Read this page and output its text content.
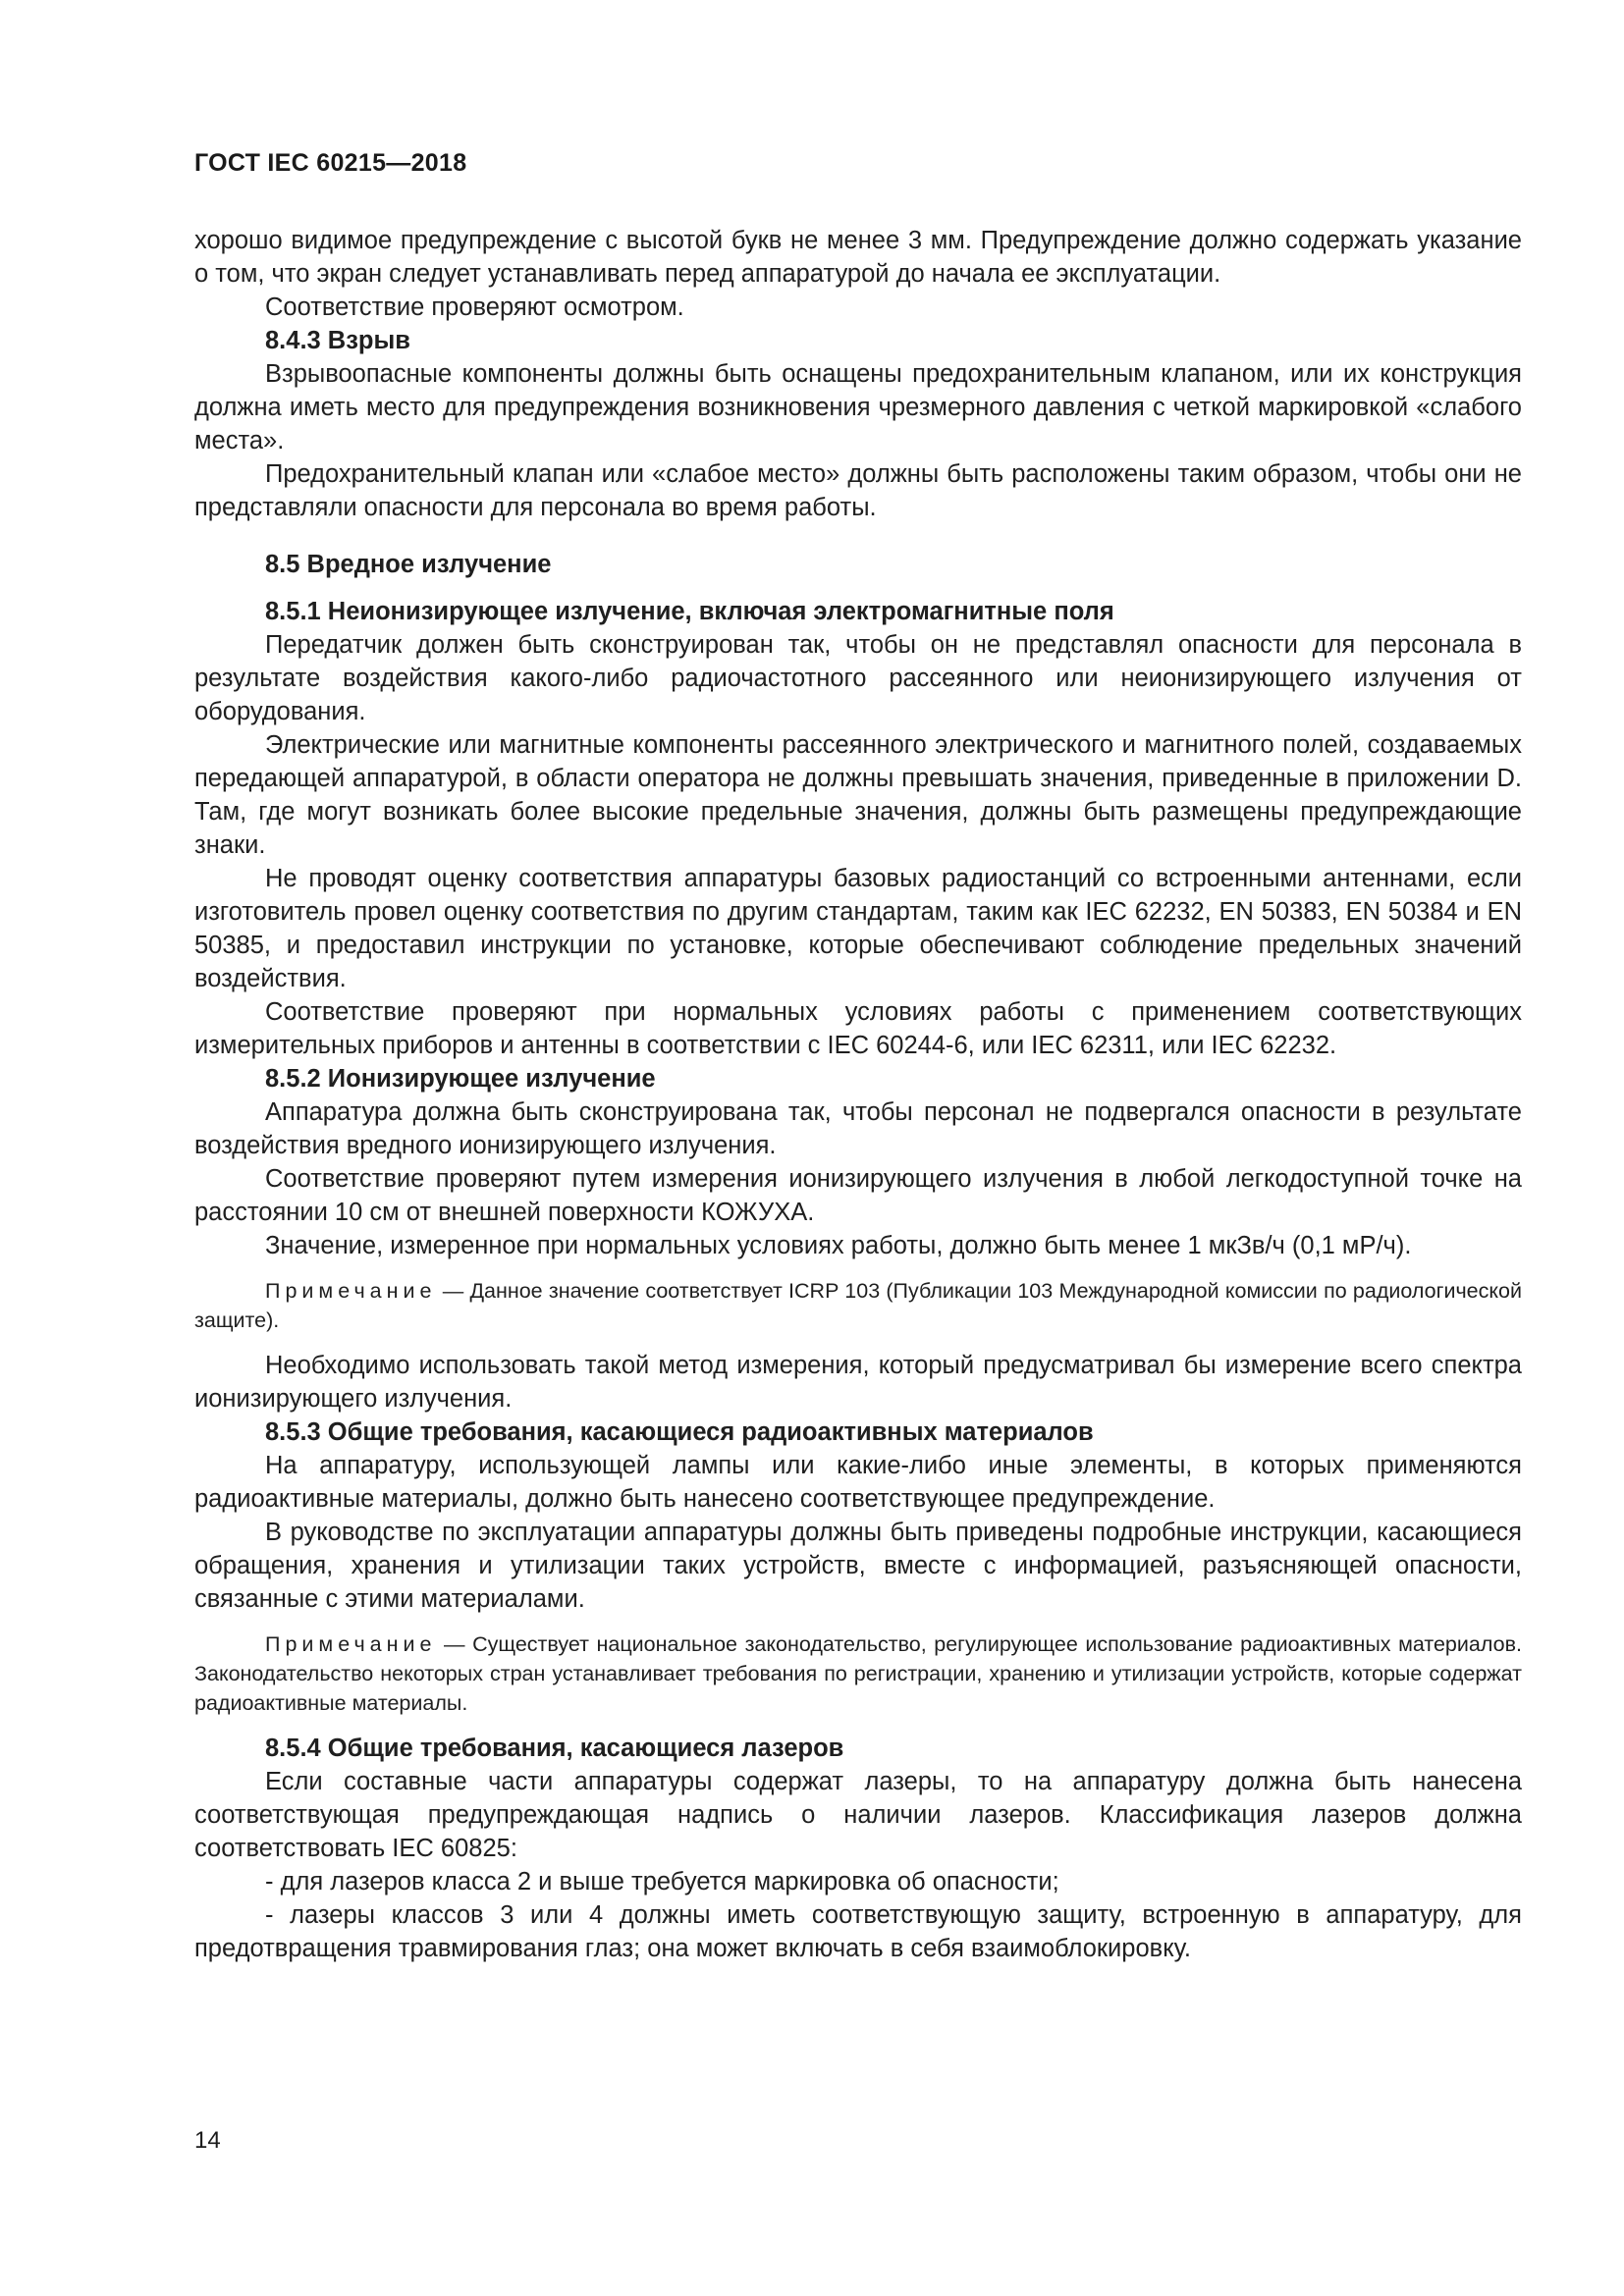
ГОСТ IEC 60215—2018

хорошо видимое предупреждение с высотой букв не менее 3 мм. Предупреждение должно содержать указание о том, что экран следует устанавливать перед аппаратурой до начала ее эксплуатации.

Соответствие проверяют осмотром.

8.4.3 Взрыв

Взрывоопасные компоненты должны быть оснащены предохранительным клапаном, или их конструкция должна иметь место для предупреждения возникновения чрезмерного давления с четкой маркировкой «слабого места».

Предохранительный клапан или «слабое место» должны быть расположены таким образом, чтобы они не представляли опасности для персонала во время работы.

8.5 Вредное излучение

8.5.1 Неионизирующее излучение, включая электромагнитные поля

Передатчик должен быть сконструирован так, чтобы он не представлял опасности для персонала в результате воздействия какого-либо радиочастотного рассеянного или неионизирующего излучения от оборудования.

Электрические или магнитные компоненты рассеянного электрического и магнитного полей, создаваемых передающей аппаратурой, в области оператора не должны превышать значения, приведенные в приложении D. Там, где могут возникать более высокие предельные значения, должны быть размещены предупреждающие знаки.

Не проводят оценку соответствия аппаратуры базовых радиостанций со встроенными антеннами, если изготовитель провел оценку соответствия по другим стандартам, таким как IEC 62232, EN 50383, EN 50384 и EN 50385, и предоставил инструкции по установке, которые обеспечивают соблюдение предельных значений воздействия.

Соответствие проверяют при нормальных условиях работы с применением соответствующих измерительных приборов и антенны в соответствии с IEC 60244-6, или IEC 62311, или IEC 62232.

8.5.2 Ионизирующее излучение

Аппаратура должна быть сконструирована так, чтобы персонал не подвергался опасности в результате воздействия вредного ионизирующего излучения.

Соответствие проверяют путем измерения ионизирующего излучения в любой легкодоступной точке на расстоянии 10 см от внешней поверхности КОЖУХА.

Значение, измеренное при нормальных условиях работы, должно быть менее 1 мкЗв/ч (0,1 мР/ч).

Примечание — Данное значение соответствует ICRP 103 (Публикации 103 Международной комиссии по радиологической защите).

Необходимо использовать такой метод измерения, который предусматривал бы измерение всего спектра ионизирующего излучения.

8.5.3 Общие требования, касающиеся радиоактивных материалов

На аппаратуру, использующей лампы или какие-либо иные элементы, в которых применяются радиоактивные материалы, должно быть нанесено соответствующее предупреждение.

В руководстве по эксплуатации аппаратуры должны быть приведены подробные инструкции, касающиеся обращения, хранения и утилизации таких устройств, вместе с информацией, разъясняющей опасности, связанные с этими материалами.

Примечание — Существует национальное законодательство, регулирующее использование радиоактивных материалов. Законодательство некоторых стран устанавливает требования по регистрации, хранению и утилизации устройств, которые содержат радиоактивные материалы.

8.5.4 Общие требования, касающиеся лазеров

Если составные части аппаратуры содержат лазеры, то на аппаратуру должна быть нанесена соответствующая предупреждающая надпись о наличии лазеров. Классификация лазеров должна соответствовать IEC 60825:

- для лазеров класса 2 и выше требуется маркировка об опасности;

- лазеры классов 3 или 4 должны иметь соответствующую защиту, встроенную в аппаратуру, для предотвращения травмирования глаз; она может включать в себя взаимоблокировку.

14
